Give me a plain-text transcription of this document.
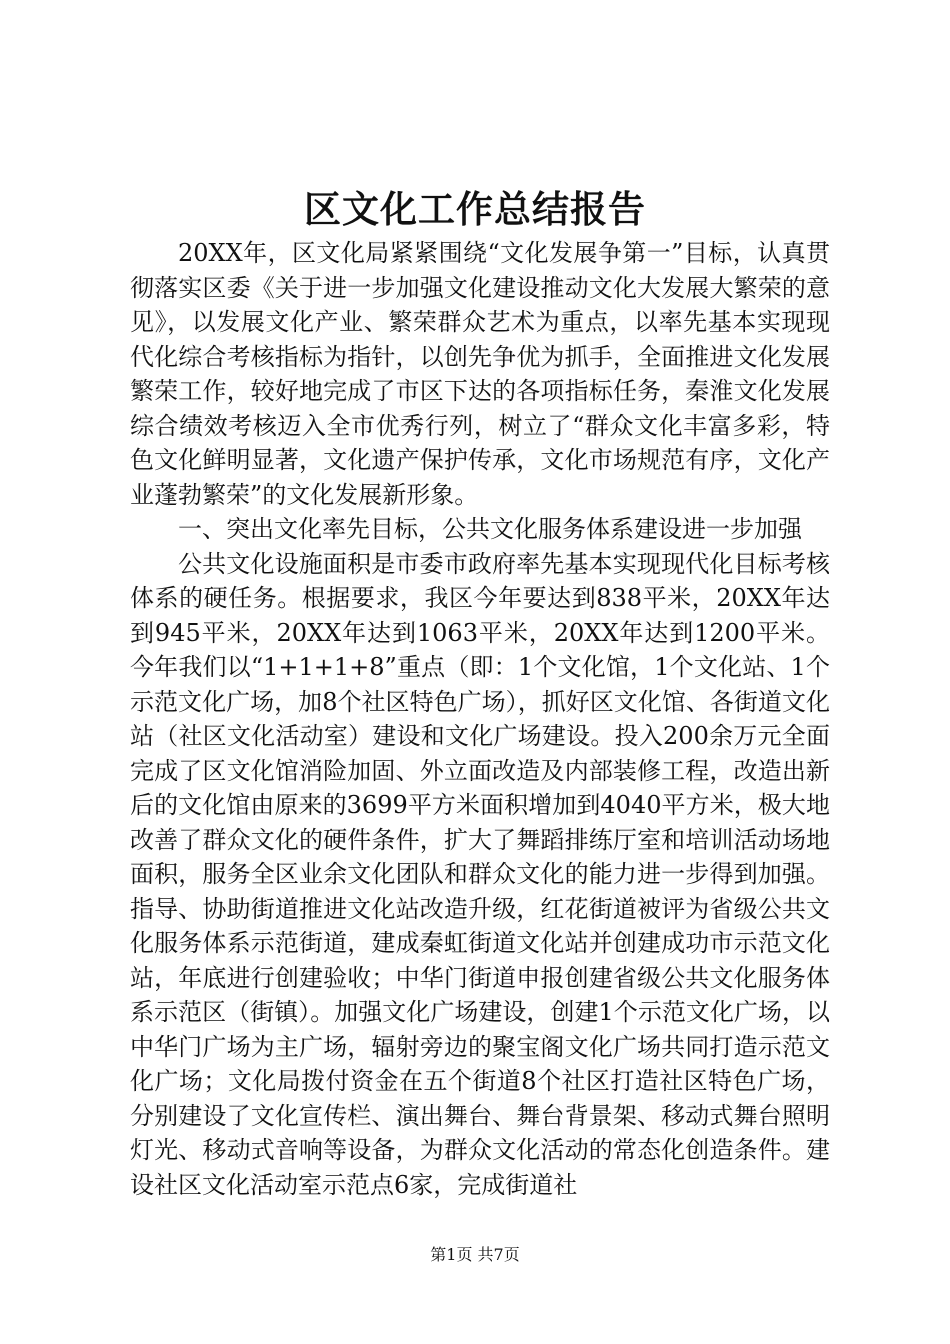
区文化工作总结报告

20XX年，区文化局紧紧围绕“文化发展争第一”目标，认真贯彻落实区委《关于进一步加强文化建设推动文化大发展大繁荣的意见》，以发展文化产业、繁荣群众艺术为重点，以率先基本实现现代化综合考核指标为指针，以创先争优为抓手，全面推进文化发展繁荣工作，较好地完成了市区下达的各项指标任务，秦淮文化发展综合绩效考核迈入全市优秀行列，树立了“群众文化丰富多彩，特色文化鲜明显著，文化遗产保护传承，文化市场规范有序，文化产业蓬勃繁荣”的文化发展新形象。

一、突出文化率先目标，公共文化服务体系建设进一步加强

公共文化设施面积是市委市政府率先基本实现现代化目标考核体系的硬任务。根据要求，我区今年要达到838平米，20XX年达到945平米，20XX年达到1063平米，20XX年达到1200平米。今年我们以“1+1+1+8”重点（即：1个文化馆，1个文化站、1个示范文化广场，加8个社区特色广场），抓好区文化馆、各街道文化站（社区文化活动室）建设和文化广场建设。投入200余万元全面完成了区文化馆消险加固、外立面改造及内部装修工程，改造出新后的文化馆由原来的3699平方米面积增加到4040平方米，极大地改善了群众文化的硬件条件，扩大了舞蹈排练厅室和培训活动场地面积，服务全区业余文化团队和群众文化的能力进一步得到加强。指导、协助街道推进文化站改造升级，红花街道被评为省级公共文化服务体系示范街道，建成秦虹街道文化站并创建成功市示范文化站，年底进行创建验收；中华门街道申报创建省级公共文化服务体系示范区（街镇）。加强文化广场建设，创建1个示范文化广场，以中华门广场为主广场，辐射旁边的聚宝阁文化广场共同打造示范文化广场；文化局拨付资金在五个街道8个社区打造社区特色广场，分别建设了文化宣传栏、演出舞台、舞台背景架、移动式舞台照明灯光、移动式音响等设备，为群众文化活动的常态化创造条件。建设社区文化活动室示范点6家，完成街道社

第1页 共7页
